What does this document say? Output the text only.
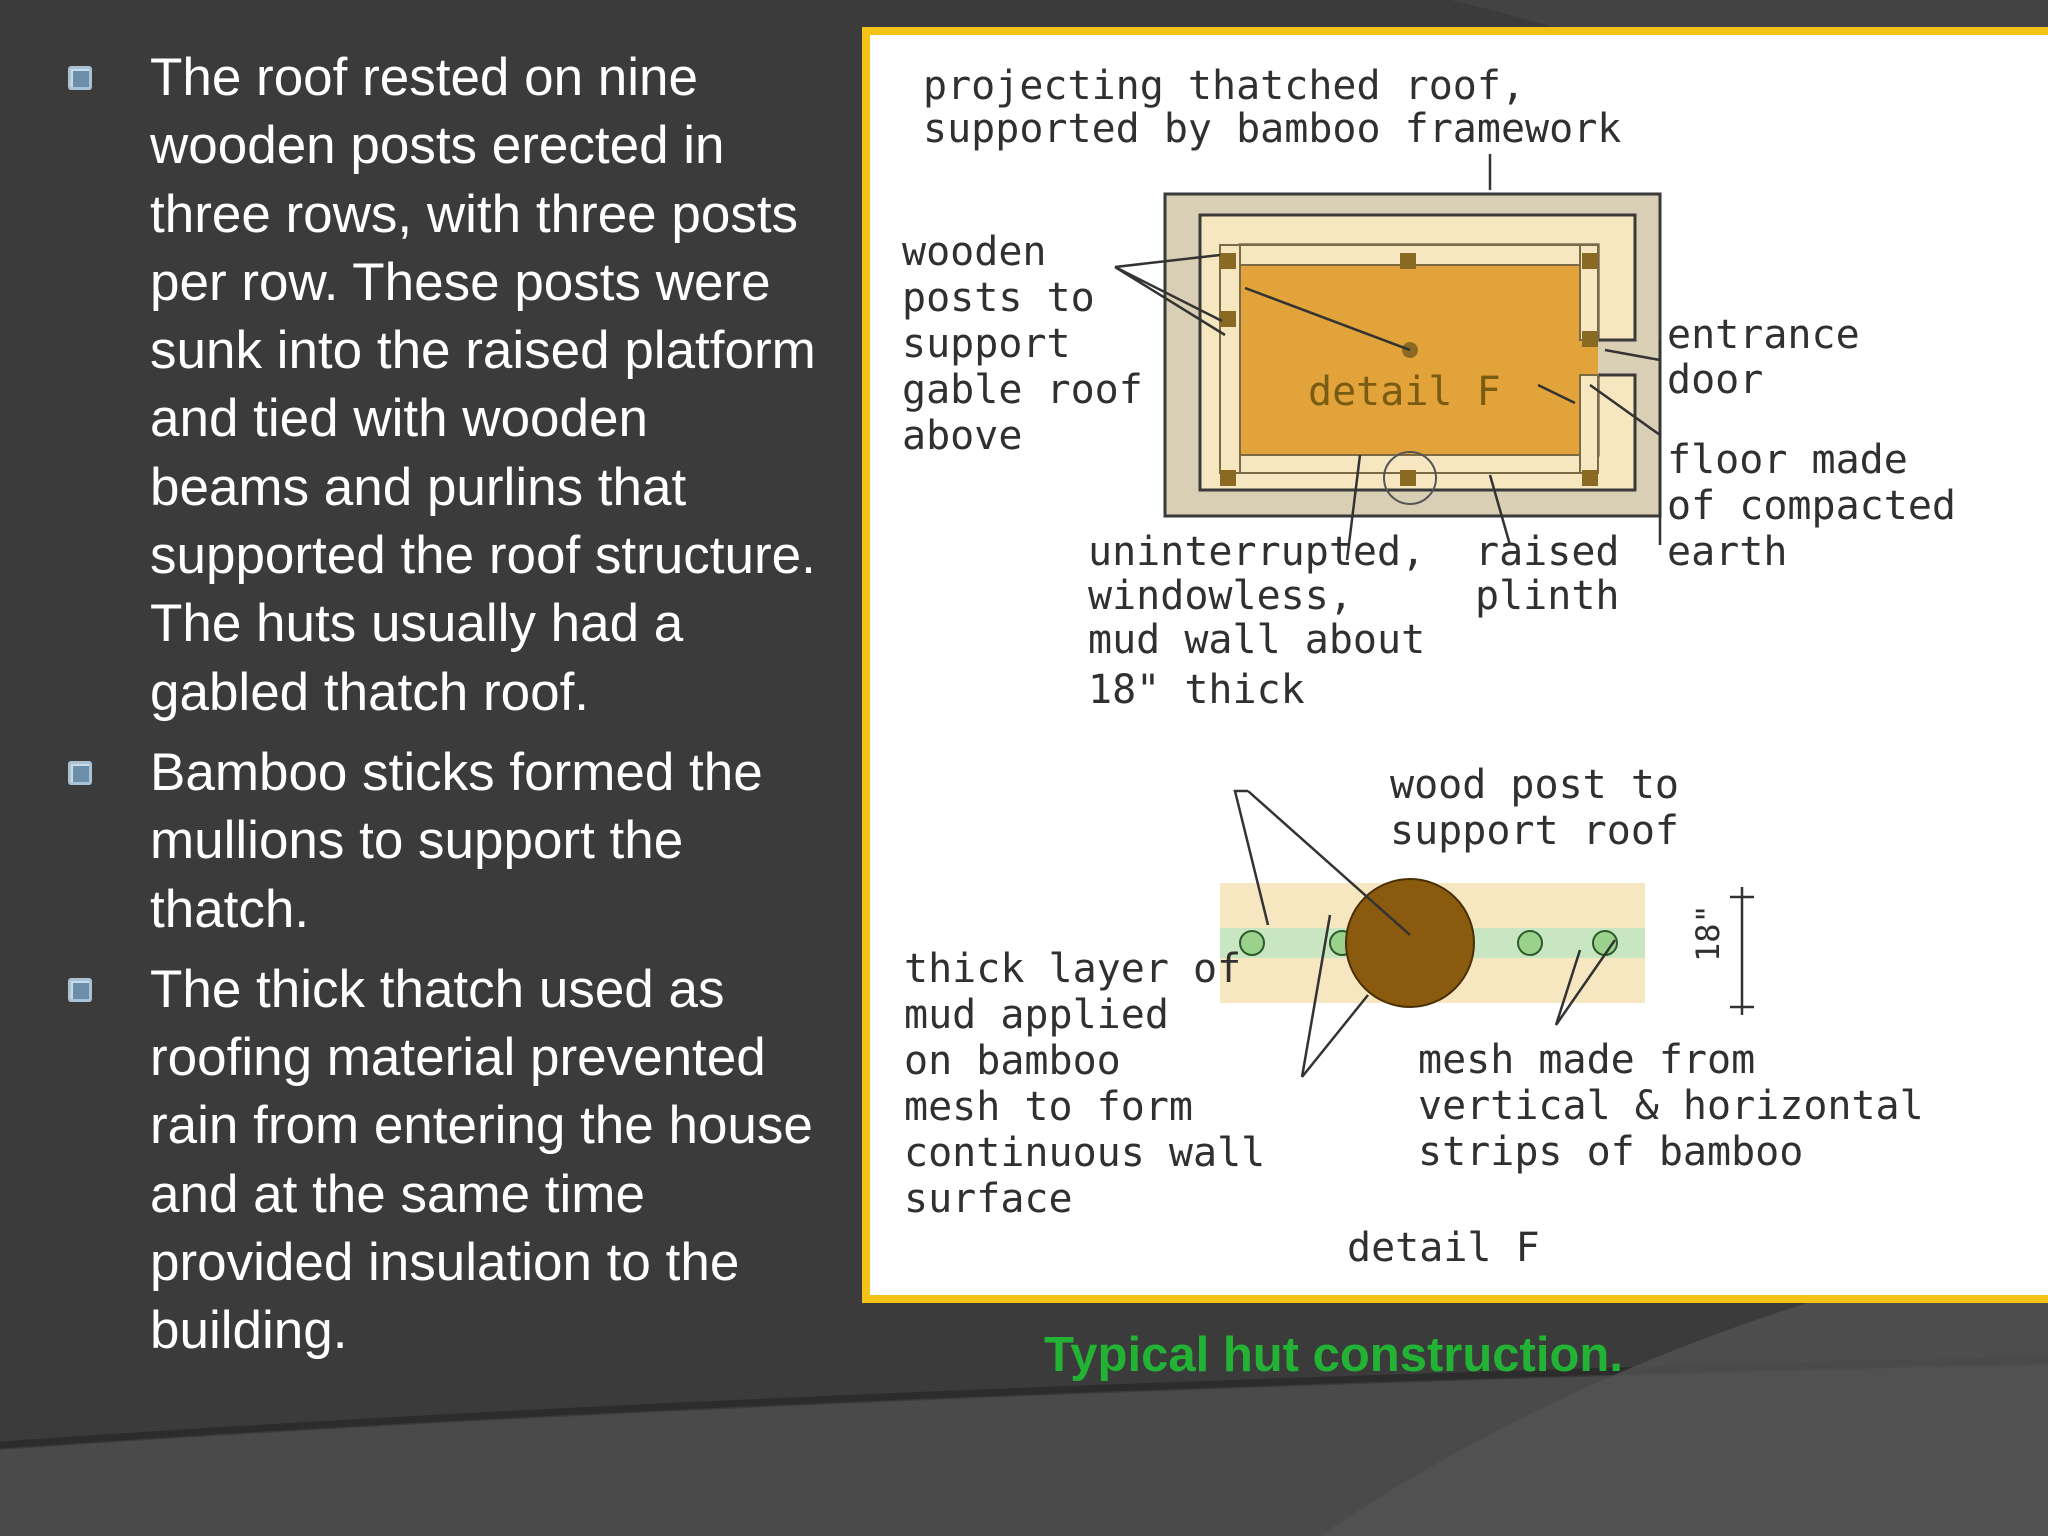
The roof rested on nine wooden posts erected in three rows, with three posts per row. These posts were sunk into the raised platform and tied with wooden beams and purlins that supported the roof structure. The huts usually had a gabled thatch roof.
Bamboo sticks formed the mullions to support the thatch.
The thick thatch used as roofing material prevented rain from entering the house and at the same time provided insulation to the building.
projecting thatched roof,
supported by bamboo framework
wooden
posts to
support
gable roof
above
detail F
entrance
door
floor made
of compacted
earth
uninterrupted,
windowless,
mud wall about
18" thick
raised
plinth
wood post to
support roof
thick layer of
mud applied
on bamboo
mesh to form
continuous wall
surface
mesh made from
vertical & horizontal
strips of bamboo
18"
detail F

Typical hut construction.
